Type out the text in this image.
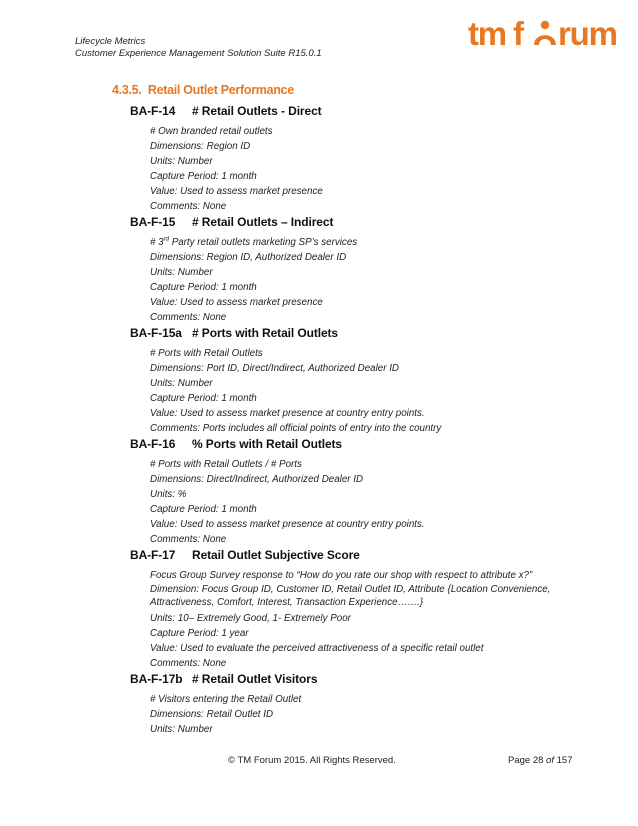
Lifecycle Metrics
Customer Experience Management Solution Suite R15.0.1
tm f rum
4.3.5. Retail Outlet Performance
BA-F-14 # Retail Outlets - Direct
# Own branded retail outlets
Dimensions: Region ID
Units: Number
Capture Period: 1 month
Value: Used to assess market presence
Comments: None
BA-F-15 # Retail Outlets – Indirect
# 3rd Party retail outlets marketing SP’s services
Dimensions: Region ID, Authorized Dealer ID
Units: Number
Capture Period: 1 month
Value: Used to assess market presence
Comments: None
BA-F-15a # Ports with Retail Outlets
# Ports with Retail Outlets
Dimensions: Port ID, Direct/Indirect, Authorized Dealer ID
Units: Number
Capture Period: 1 month
Value: Used to assess market presence at country entry points.
Comments: Ports includes all official points of entry into the country
BA-F-16 % Ports with Retail Outlets
# Ports with Retail Outlets / # Ports
Dimensions: Direct/Indirect, Authorized Dealer ID
Units: %
Capture Period: 1 month
Value: Used to assess market presence at country entry points.
Comments: None
BA-F-17 Retail Outlet Subjective Score
Focus Group Survey response to “How do you rate our shop with respect to attribute x?”
Dimension: Focus Group ID, Customer ID, Retail Outlet ID, Attribute {Location Convenience, Attractiveness, Comfort, Interest, Transaction Experience…….}
Units: 10– Extremely Good, 1- Extremely Poor
Capture Period: 1 year
Value: Used to evaluate the perceived attractiveness of a specific retail outlet
Comments: None
BA-F-17b # Retail Outlet Visitors
# Visitors entering the Retail Outlet
Dimensions: Retail Outlet ID
Units: Number
© TM Forum 2015. All Rights Reserved.	Page 28 of 157
